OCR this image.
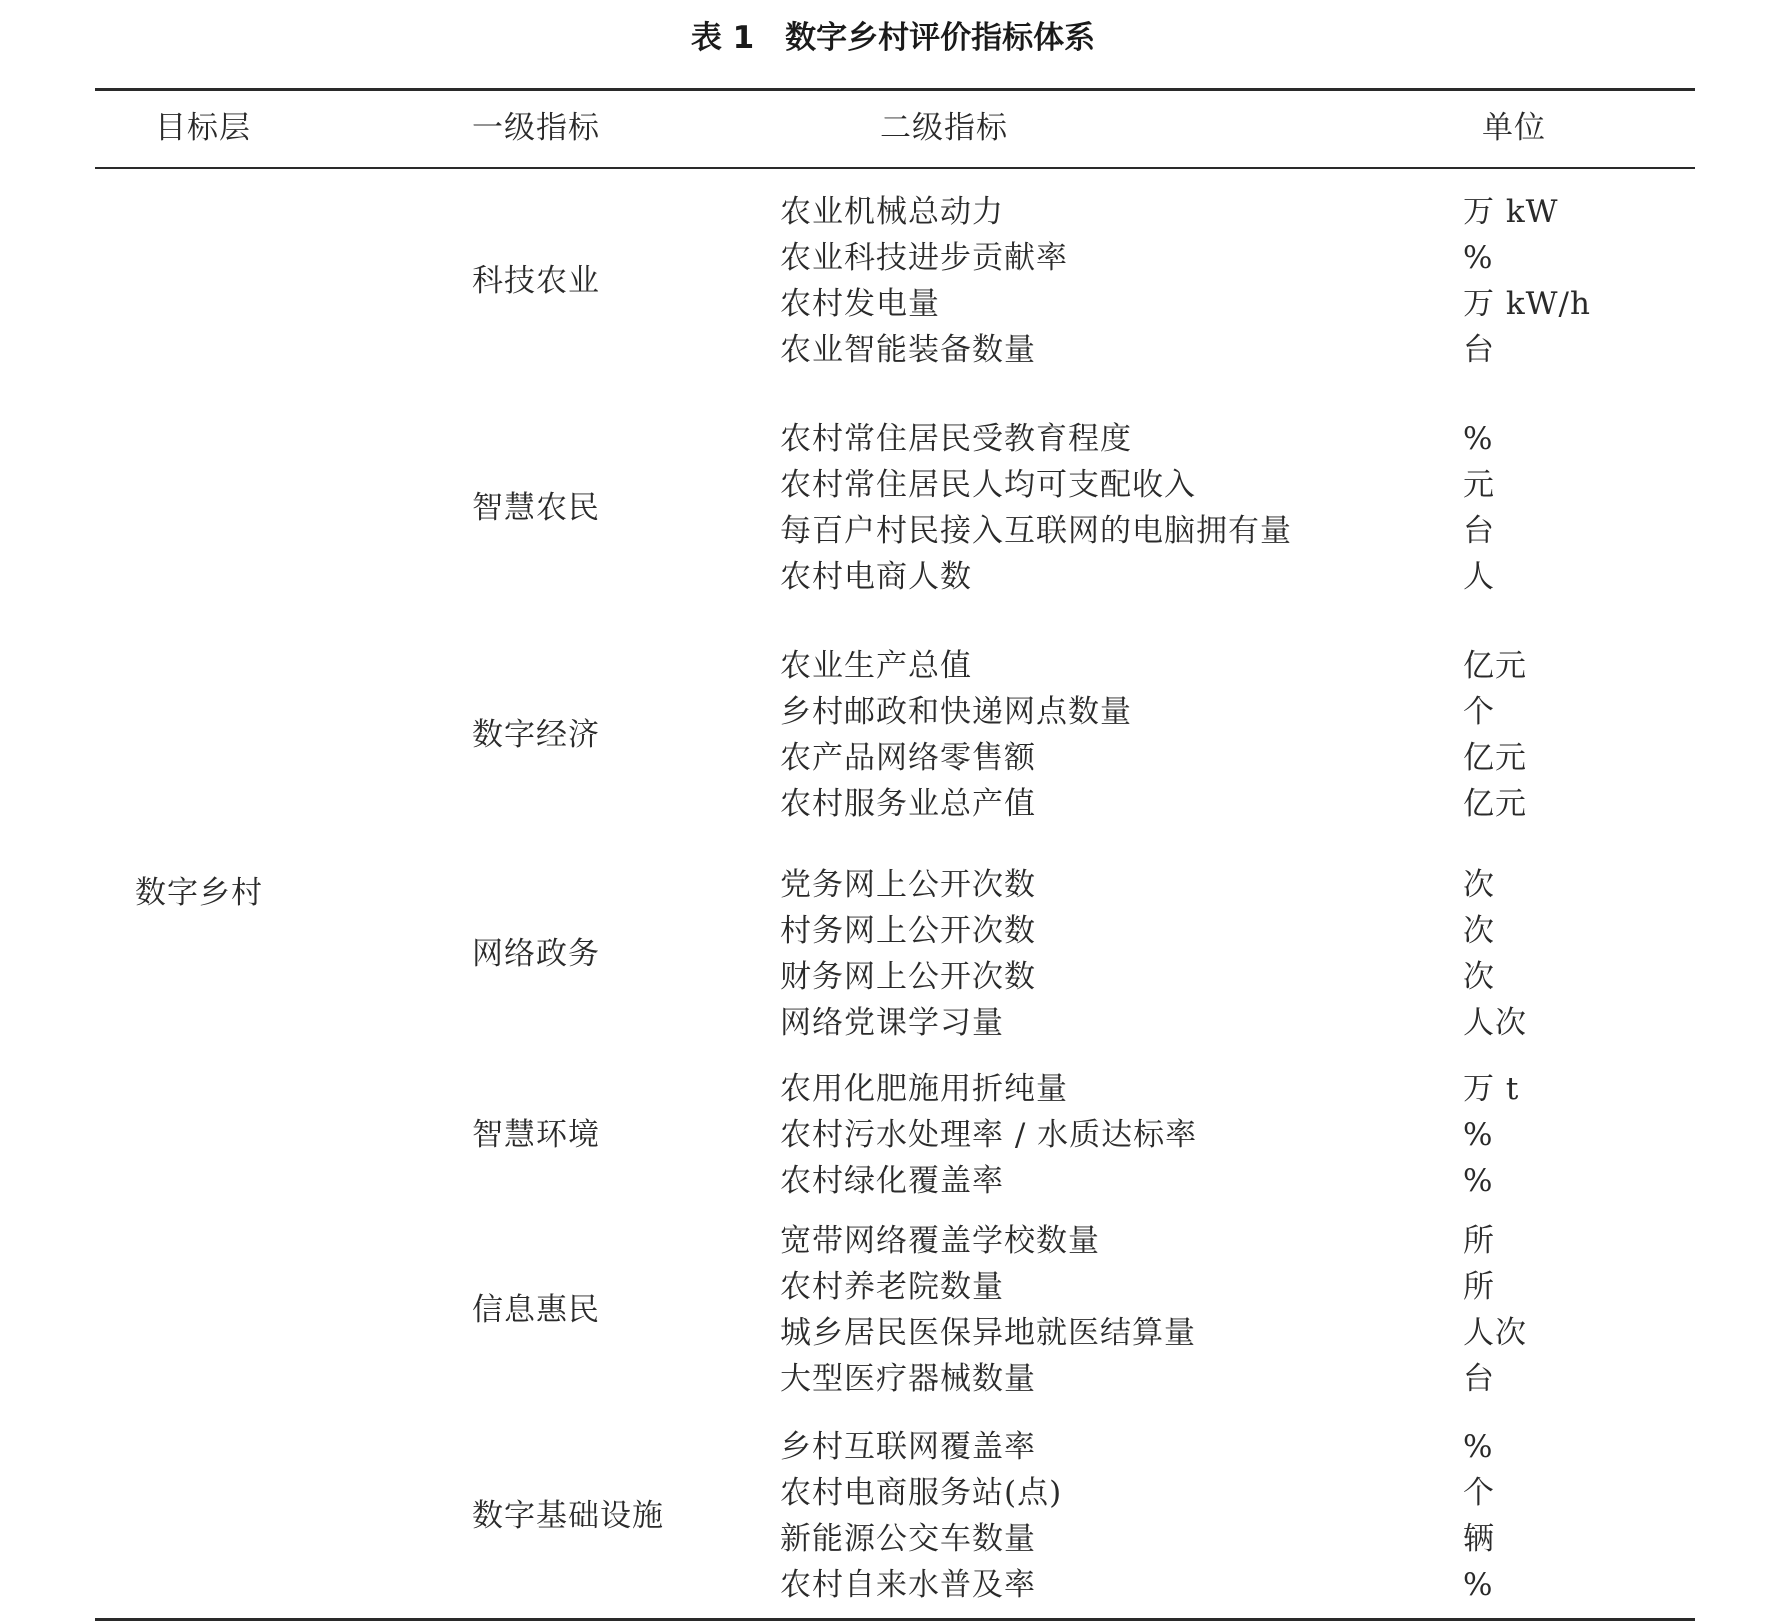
表 1　数字乡村评价指标体系
目标层	一级指标	二级指标	单位
数字乡村
科技农业
农业机械总动力	万 kW
农业科技进步贡献率	%
农村发电量	万 kW/h
农业智能装备数量	台
智慧农民
农村常住居民受教育程度	%
农村常住居民人均可支配收入	元
每百户村民接入互联网的电脑拥有量	台
农村电商人数	人
数字经济
农业生产总值	亿元
乡村邮政和快递网点数量	个
农产品网络零售额	亿元
农村服务业总产值	亿元
网络政务
党务网上公开次数	次
村务网上公开次数	次
财务网上公开次数	次
网络党课学习量	人次
智慧环境
农用化肥施用折纯量	万 t
农村污水处理率 / 水质达标率	%
农村绿化覆盖率	%
信息惠民
宽带网络覆盖学校数量	所
农村养老院数量	所
城乡居民医保异地就医结算量	人次
大型医疗器械数量	台
数字基础设施
乡村互联网覆盖率	%
农村电商服务站(点)	个
新能源公交车数量	辆
农村自来水普及率	%
